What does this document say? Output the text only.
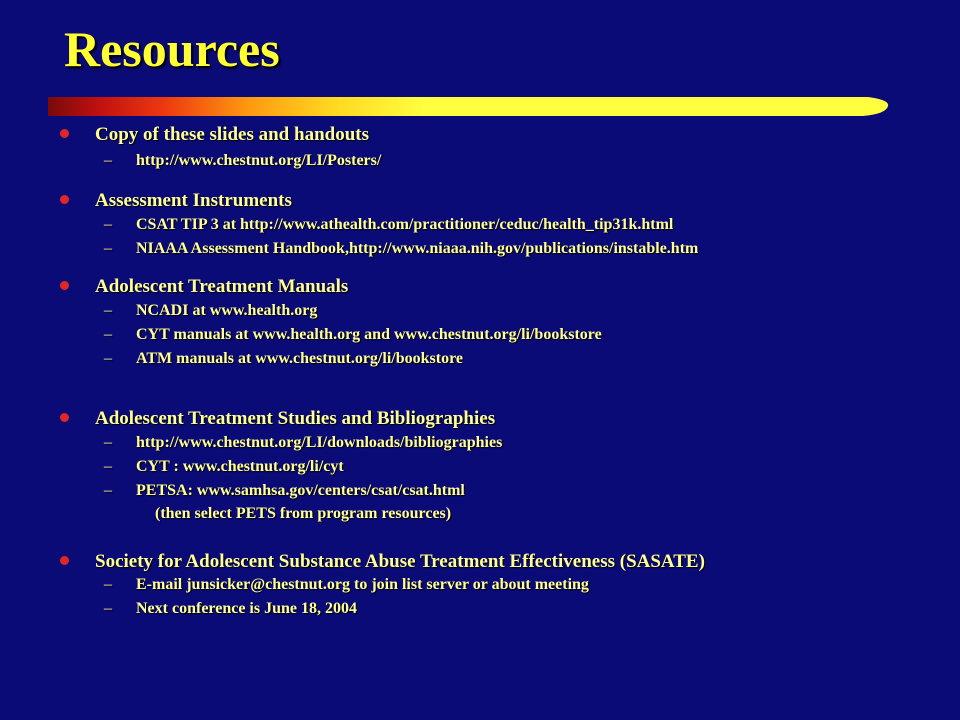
Resources
Copy of these slides and handouts
– http://www.chestnut.org/LI/Posters/
Assessment Instruments
– CSAT TIP 3 at http://www.athealth.com/practitioner/ceduc/health_tip31k.html
– NIAAA Assessment Handbook,http://www.niaaa.nih.gov/publications/instable.htm
Adolescent Treatment Manuals
– NCADI at www.health.org
– CYT manuals at www.health.org and www.chestnut.org/li/bookstore
– ATM manuals at www.chestnut.org/li/bookstore
Adolescent Treatment Studies and Bibliographies
– http://www.chestnut.org/LI/downloads/bibliographies
– CYT : www.chestnut.org/li/cyt
– PETSA: www.samhsa.gov/centers/csat/csat.html
(then select PETS from program resources)
Society for Adolescent Substance Abuse Treatment Effectiveness (SASATE)
– E-mail junsicker@chestnut.org to join list server or about meeting
– Next conference is June 18, 2004
